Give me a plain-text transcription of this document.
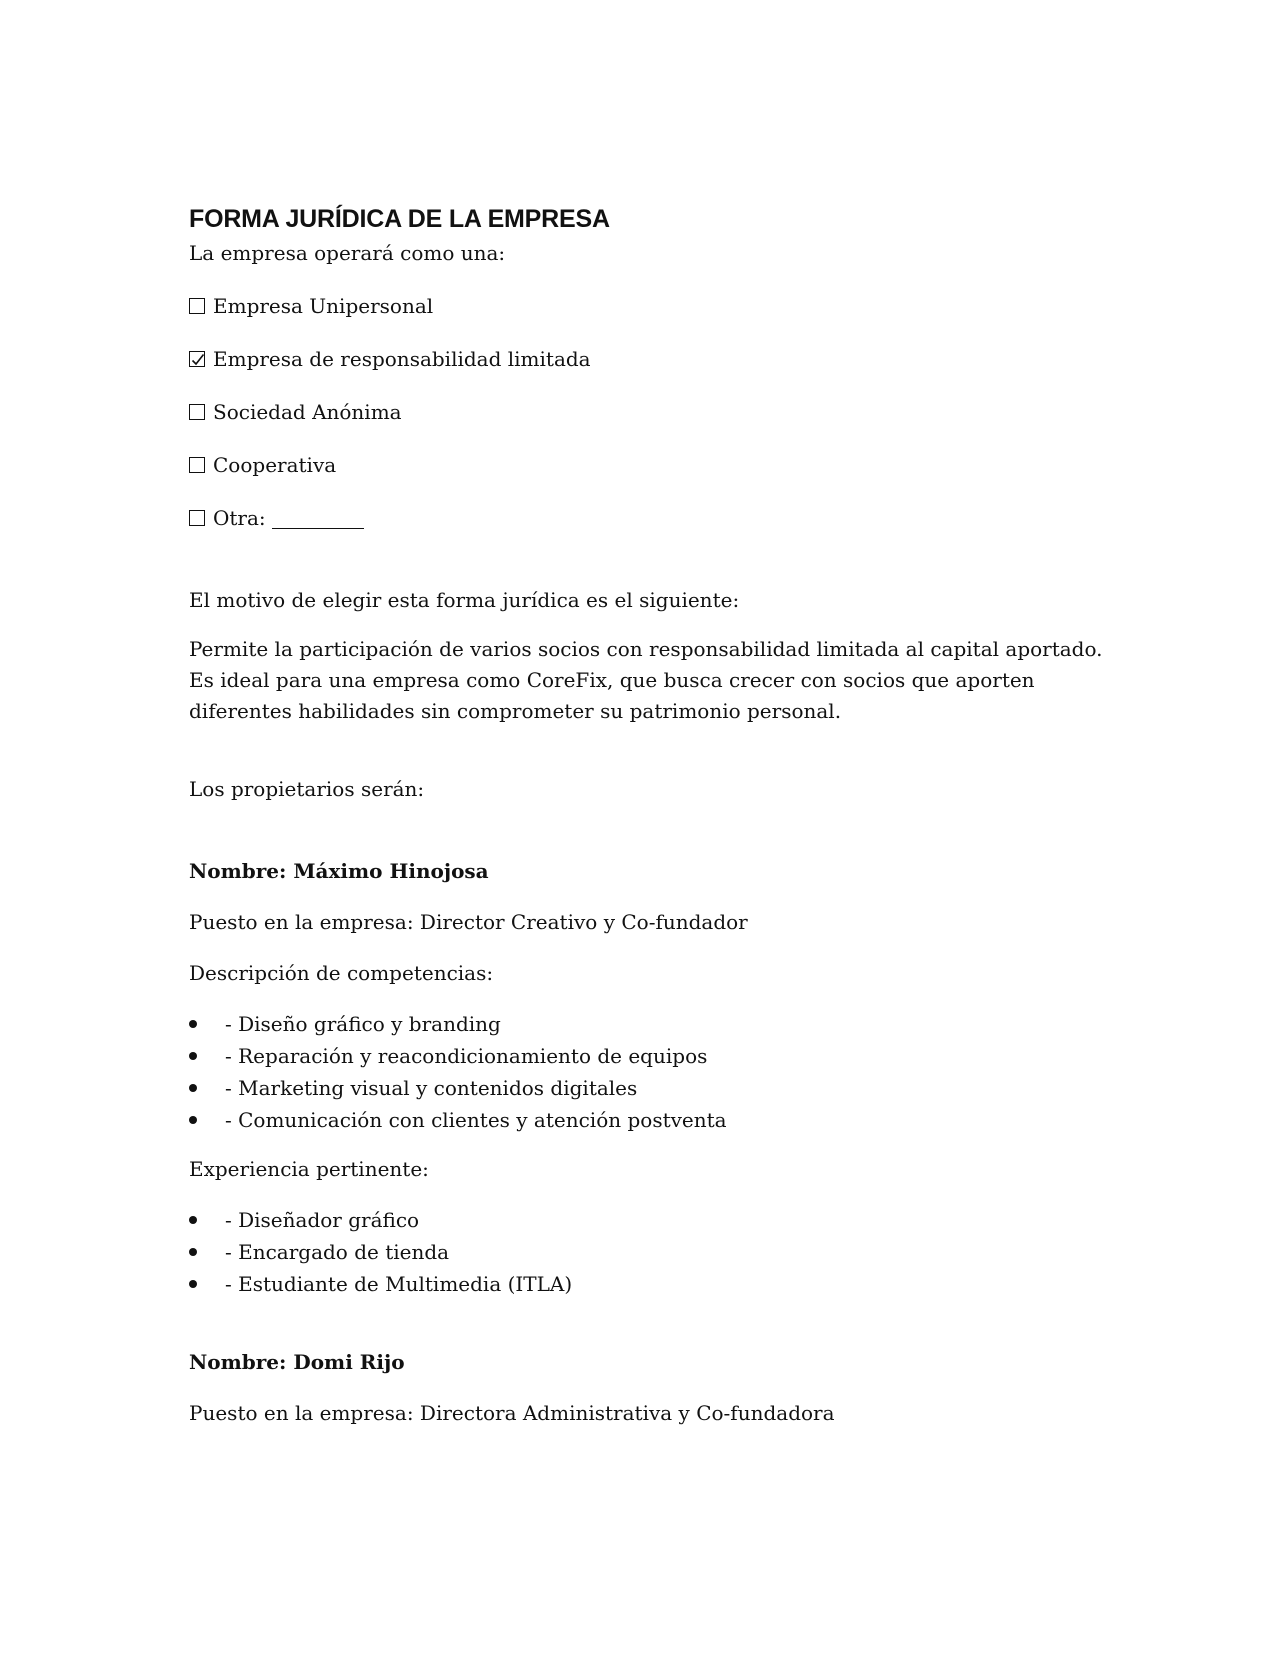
FORMA JURÍDICA DE LA EMPRESA

La empresa operará como una:

Empresa Unipersonal
Empresa de responsabilidad limitada
Sociedad Anónima
Cooperativa
Otra:

El motivo de elegir esta forma jurídica es el siguiente:

Permite la participación de varios socios con responsabilidad limitada al capital aportado.

Es ideal para una empresa como CoreFix, que busca crecer con socios que aporten

diferentes habilidades sin comprometer su patrimonio personal.

Los propietarios serán:

Nombre: Máximo Hinojosa

Puesto en la empresa: Director Creativo y Co-fundador

Descripción de competencias:

- Diseño gráfico y branding
- Reparación y reacondicionamiento de equipos
- Marketing visual y contenidos digitales
- Comunicación con clientes y atención postventa

Experiencia pertinente:

- Diseñador gráfico
- Encargado de tienda
- Estudiante de Multimedia (ITLA)

Nombre: Domi Rijo

Puesto en la empresa: Directora Administrativa y Co-fundadora
